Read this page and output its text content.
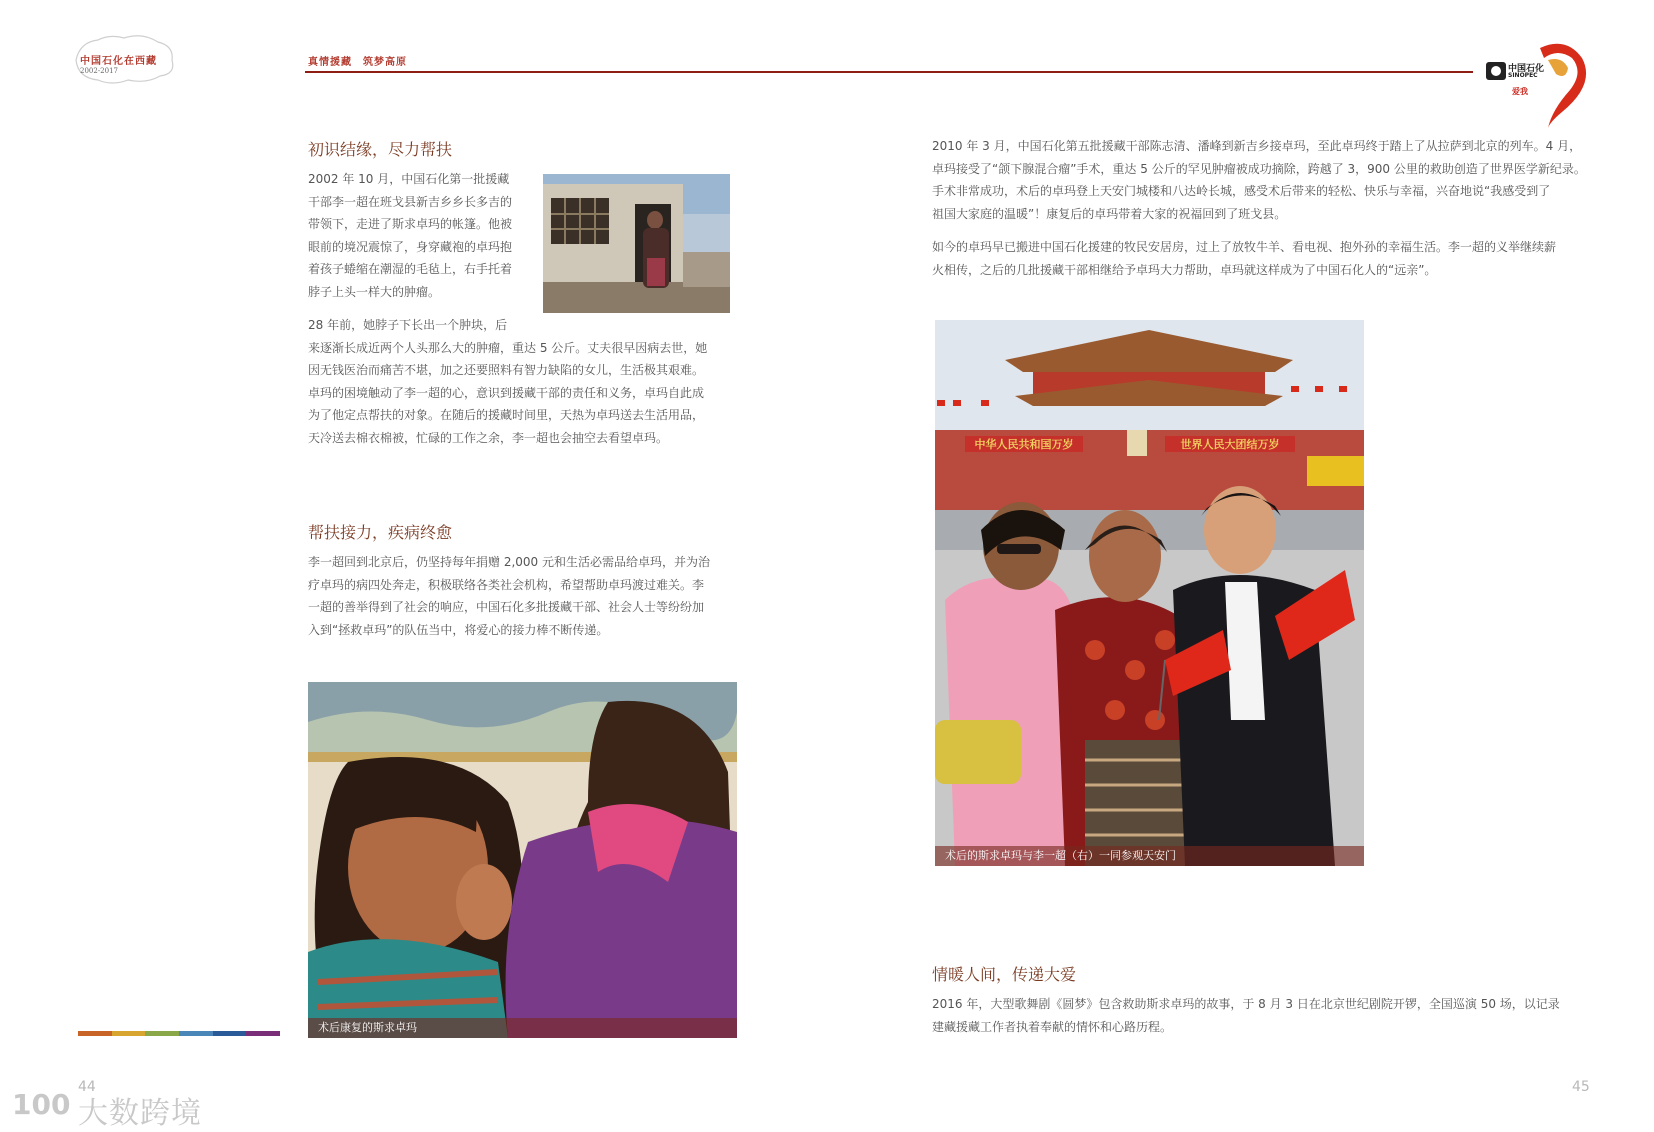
中国石化在西藏
2002-2017
真情援藏　筑梦高原
中国石化
SINOPEC
爱我
初识结缘，尽力帮扶

2002 年 10 月，中国石化第一批援藏

干部李一超在班戈县新吉乡乡长多吉的

带领下，走进了斯求卓玛的帐篷。他被

眼前的境况震惊了，身穿藏袍的卓玛抱

着孩子蜷缩在潮湿的毛毡上，右手托着

脖子上头一样大的肿瘤。

28 年前，她脖子下长出一个肿块，后

来逐渐长成近两个人头那么大的肿瘤，重达 5 公斤。丈夫很早因病去世，她

因无钱医治而痛苦不堪，加之还要照料有智力缺陷的女儿，生活极其艰难。

卓玛的困境触动了李一超的心，意识到援藏干部的责任和义务，卓玛自此成

为了他定点帮扶的对象。在随后的援藏时间里，天热为卓玛送去生活用品，

天冷送去棉衣棉被，忙碌的工作之余，李一超也会抽空去看望卓玛。

帮扶接力，疾病终愈

李一超回到北京后，仍坚持每年捐赠 2,000 元和生活必需品给卓玛，并为治

疗卓玛的病四处奔走，积极联络各类社会机构，希望帮助卓玛渡过难关。李

一超的善举得到了社会的响应，中国石化多批援藏干部、社会人士等纷纷加

入到“拯救卓玛”的队伍当中，将爱心的接力棒不断传递。

术后康复的斯求卓玛
44

2010 年 3 月，中国石化第五批援藏干部陈志清、潘峰到新吉乡接卓玛，至此卓玛终于踏上了从拉萨到北京的列车。4 月，

卓玛接受了“颌下腺混合瘤”手术，重达 5 公斤的罕见肿瘤被成功摘除，跨越了 3，900 公里的救助创造了世界医学新纪录。

手术非常成功，术后的卓玛登上天安门城楼和八达岭长城，感受术后带来的轻松、快乐与幸福，兴奋地说“我感受到了

祖国大家庭的温暖”！康复后的卓玛带着大家的祝福回到了班戈县。

如今的卓玛早已搬进中国石化援建的牧民安居房，过上了放牧牛羊、看电视、抱外孙的幸福生活。李一超的义举继续薪

火相传，之后的几批援藏干部相继给予卓玛大力帮助，卓玛就这样成为了中国石化人的“远亲”。

中华人民共和国万岁	世界人民大团结万岁
术后的斯求卓玛与李一超（右）一同参观天安门
情暖人间，传递大爱

2016 年，大型歌舞剧《圆梦》包含救助斯求卓玛的故事，于 8 月 3 日在北京世纪剧院开锣，全国巡演 50 场，以记录

建藏援藏工作者执着奉献的情怀和心路历程。

45
100 大数跨境
